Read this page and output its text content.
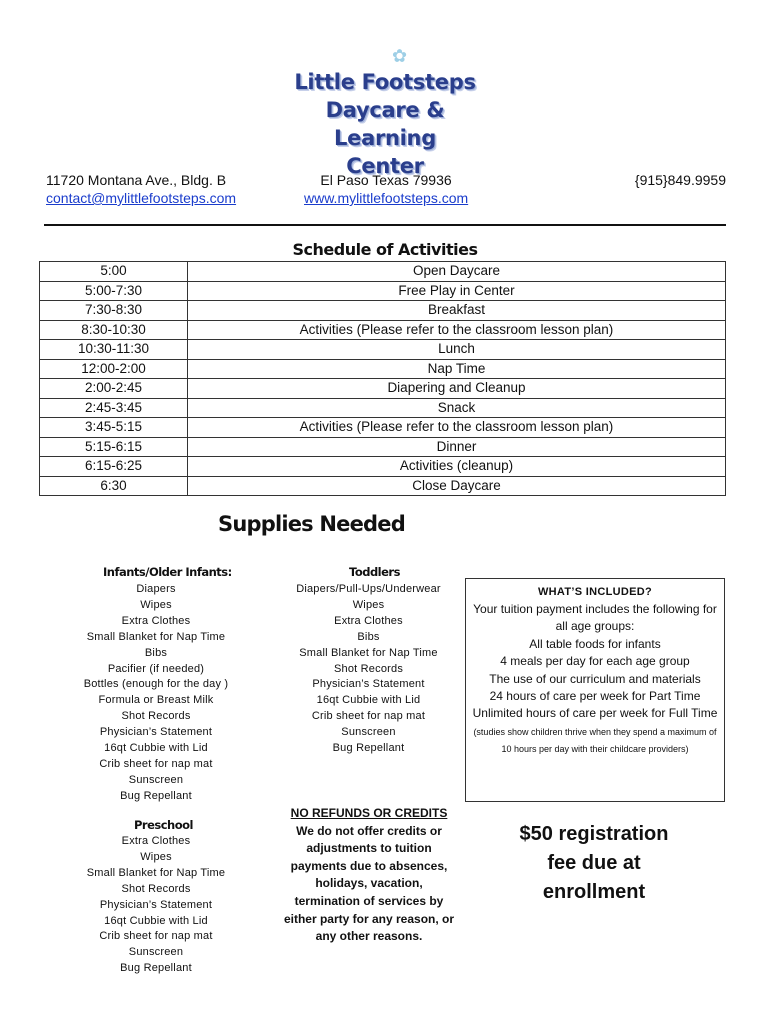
✿
Little Footsteps
Daycare & Learning
Center
11720 Montana Ave., Bldg. B
contact@mylittlefootsteps.com
El Paso Texas 79936
www.mylittlefootsteps.com
{915}849.9959
Schedule of Activities
5:00	Open Daycare
5:00-7:30	Free Play in Center
7:30-8:30	Breakfast
8:30-10:30	Activities (Please refer to the classroom lesson plan)
10:30-11:30	Lunch
12:00-2:00	Nap Time
2:00-2:45	Diapering and Cleanup
2:45-3:45	Snack
3:45-5:15	Activities (Please refer to the classroom lesson plan)
5:15-6:15	Dinner
6:15-6:25	Activities (cleanup)
6:30	Close Daycare
Supplies Needed
Infants/Older Infants:
Diapers
Wipes
Extra Clothes
Small Blanket for Nap Time
Bibs
Pacifier (if needed)
Bottles (enough for the day )
Formula or Breast Milk
Shot Records
Physician’s Statement
16qt Cubbie with Lid
Crib sheet for nap mat
Sunscreen
Bug Repellant
Toddlers
Diapers/Pull-Ups/Underwear
Wipes
Extra Clothes
Bibs
Small Blanket for Nap Time
Shot Records
Physician’s Statement
16qt Cubbie with Lid
Crib sheet for nap mat
Sunscreen
Bug Repellant
Preschool
Extra Clothes
Wipes
Small Blanket for Nap Time
Shot Records
Physician’s Statement
16qt Cubbie with Lid
Crib sheet for nap mat
Sunscreen
Bug Repellant
WHAT’S INCLUDED?
Your tuition payment includes the following for all age groups:
All table foods for infants
4 meals per day for each age group
The use of our curriculum and materials
24 hours of care per week for Part Time
Unlimited hours of care per week for Full Time (studies show children thrive when they spend a maximum of 10 hours per day with their childcare providers)
NO REFUNDS OR CREDITS
We do not offer credits or adjustments to tuition payments due to absences, holidays, vacation, termination of services by either party for any reason, or any other reasons.
$50 registration fee due at enrollment
